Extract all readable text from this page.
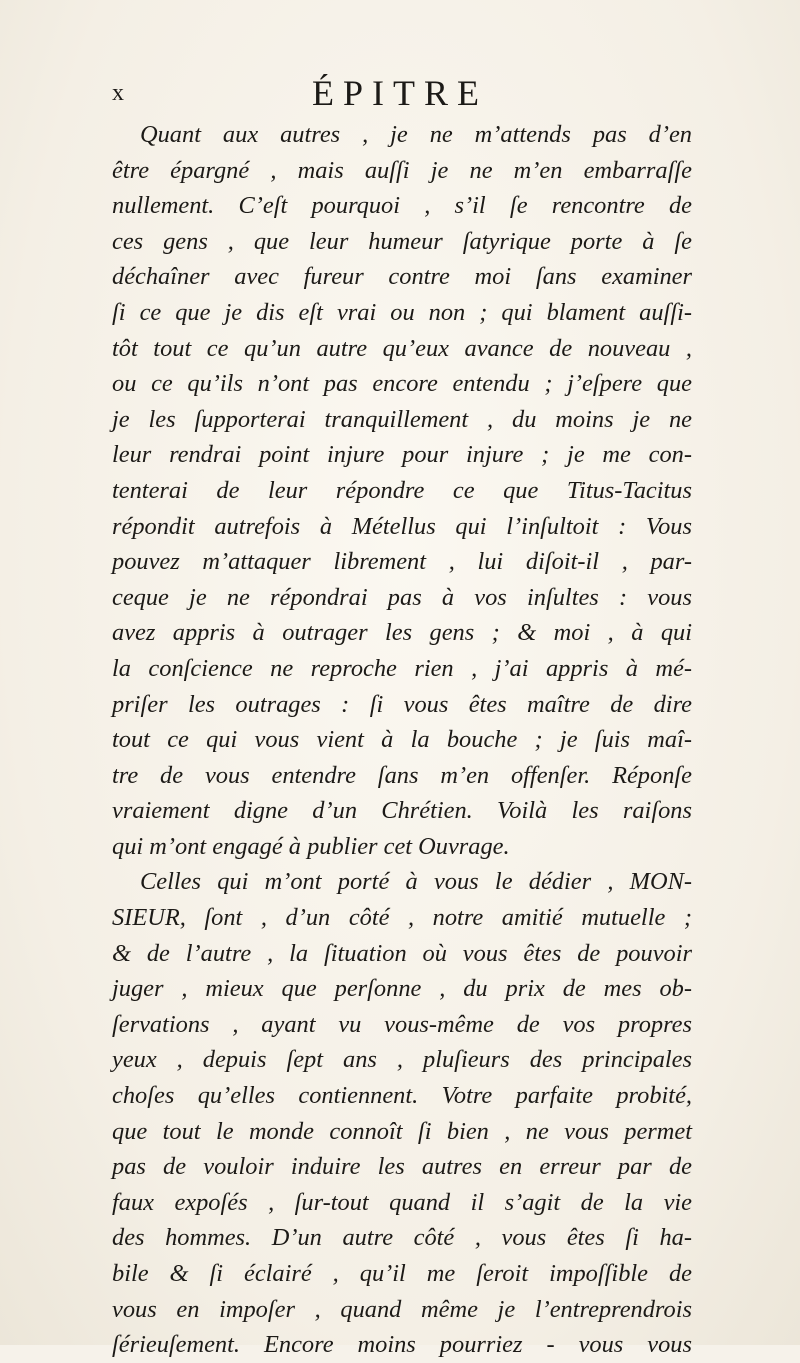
x	ÉPITRE
Quant aux autres , je ne m’attends pas d’en
être épargné , mais auſſi je ne m’en embarraſſe
nullement. C’eſt pourquoi , s’il ſe rencontre de
ces gens , que leur humeur ſatyrique porte à ſe
déchaîner avec fureur contre moi ſans examiner
ſi ce que je dis eſt vrai ou non ; qui blament auſſi-
tôt tout ce qu’un autre qu’eux avance de nouveau ,
ou ce qu’ils n’ont pas encore entendu ; j’eſpere que
je les ſupporterai tranquillement , du moins je ne
leur rendrai point injure pour injure ; je me con-
tenterai de leur répondre ce que Titus-Tacitus
répondit autrefois à Métellus qui l’inſultoit : Vous
pouvez m’attaquer librement , lui diſoit-il , par-
ceque je ne répondrai pas à vos inſultes : vous
avez appris à outrager les gens ; & moi , à qui
la conſcience ne reproche rien , j’ai appris à mé-
priſer les outrages : ſi vous êtes maître de dire
tout ce qui vous vient à la bouche ; je ſuis maî-
tre de vous entendre ſans m’en offenſer. Réponſe
vraiement digne d’un Chrétien. Voilà les raiſons
qui m’ont engagé à publier cet Ouvrage.
Celles qui m’ont porté à vous le dédier , MON-
SIEUR, ſont , d’un côté , notre amitié mutuelle ;
& de l’autre , la ſituation où vous êtes de pouvoir
juger , mieux que perſonne , du prix de mes ob-
ſervations , ayant vu vous-même de vos propres
yeux , depuis ſept ans , pluſieurs des principales
choſes qu’elles contiennent. Votre parfaite probité,
que tout le monde connoît ſi bien , ne vous permet
pas de vouloir induire les autres en erreur par de
faux expoſés , ſur-tout quand il s’agit de la vie
des hommes. D’un autre côté , vous êtes ſi ha-
bile & ſi éclairé , qu’il me ſeroit impoſſible de
vous en impoſer , quand même je l’entreprendrois
ſérieuſement. Encore moins pourriez - vous vous
